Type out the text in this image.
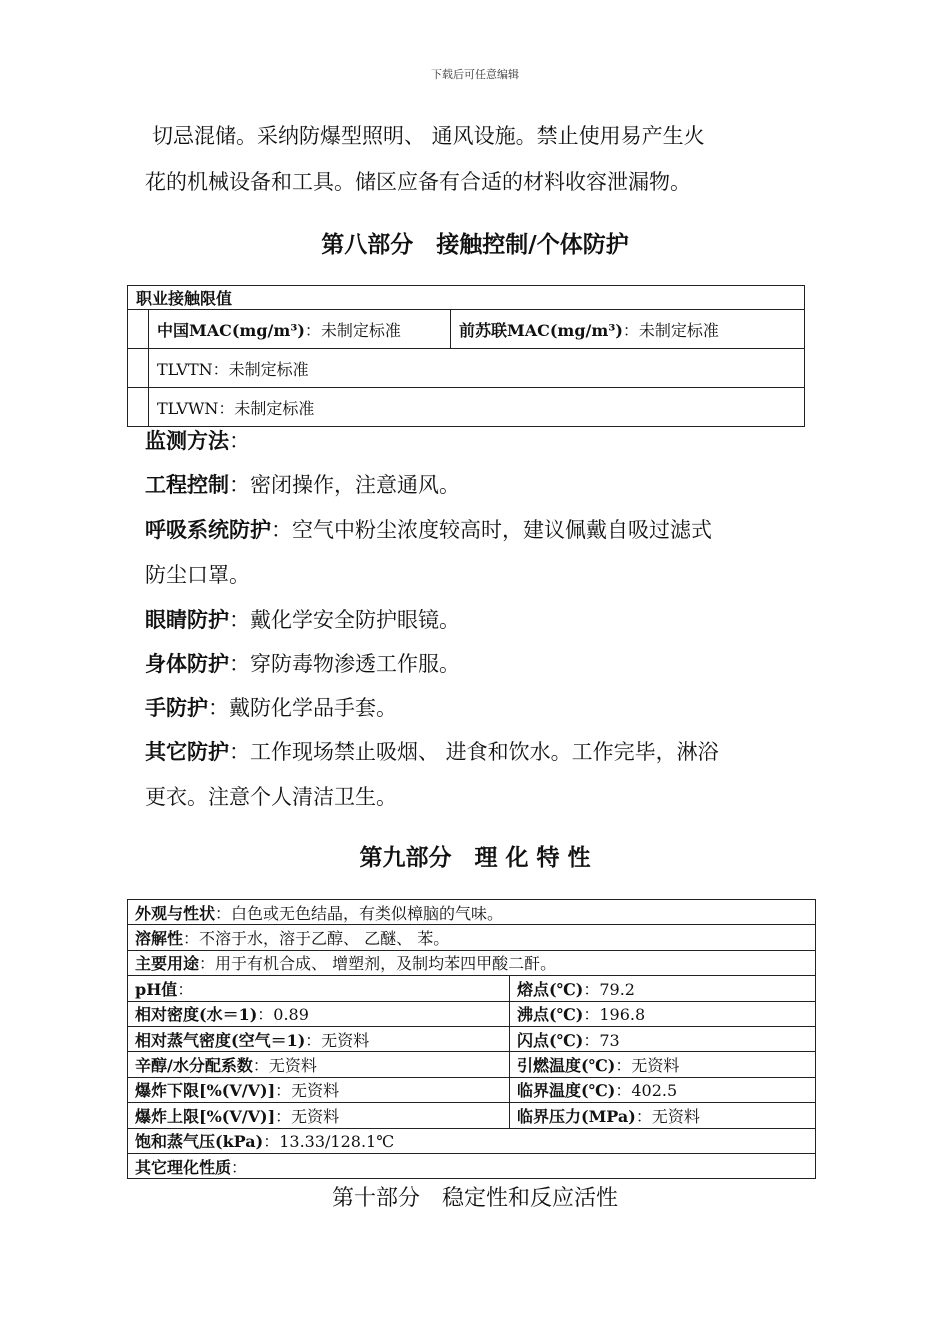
下载后可任意编辑
切忌混储。采纳防爆型照明、 通风设施。禁止使用易产生火
花的机械设备和工具。储区应备有合适的材料收容泄漏物。
第八部分　接触控制/个体防护
职业接触限值		
	中国MAC(mg/m³)：未制定标准	前苏联MAC(mg/m³)：未制定标准
	TLVTN：未制定标准	
	TLVWN：未制定标准	
监测方法：
工程控制：密闭操作，注意通风。
呼吸系统防护：空气中粉尘浓度较高时，建议佩戴自吸过滤式
防尘口罩。
眼睛防护：戴化学安全防护眼镜。
身体防护：穿防毒物渗透工作服。
手防护：戴防化学品手套。
其它防护：工作现场禁止吸烟、 进食和饮水。工作完毕，淋浴
更衣。注意个人清洁卫生。
第九部分　理 化 特 性
外观与性状：白色或无色结晶，有类似樟脑的气味。	
溶解性：不溶于水，溶于乙醇、 乙醚、 苯。	
主要用途：用于有机合成、 增塑剂，及制均苯四甲酸二酐。	
pH值：	熔点(℃)：79.2
相对密度(水＝1)：0.89	沸点(℃)：196.8
相对蒸气密度(空气＝1)：无资料	闪点(℃)：73
辛醇/水分配系数：无资料	引燃温度(℃)：无资料
爆炸下限[%(V/V)]：无资料	临界温度(℃)：402.5
爆炸上限[%(V/V)]：无资料	临界压力(MPa)：无资料
饱和蒸气压(kPa)：13.33/128.1℃	
其它理化性质：	
第十部分　稳定性和反应活性
